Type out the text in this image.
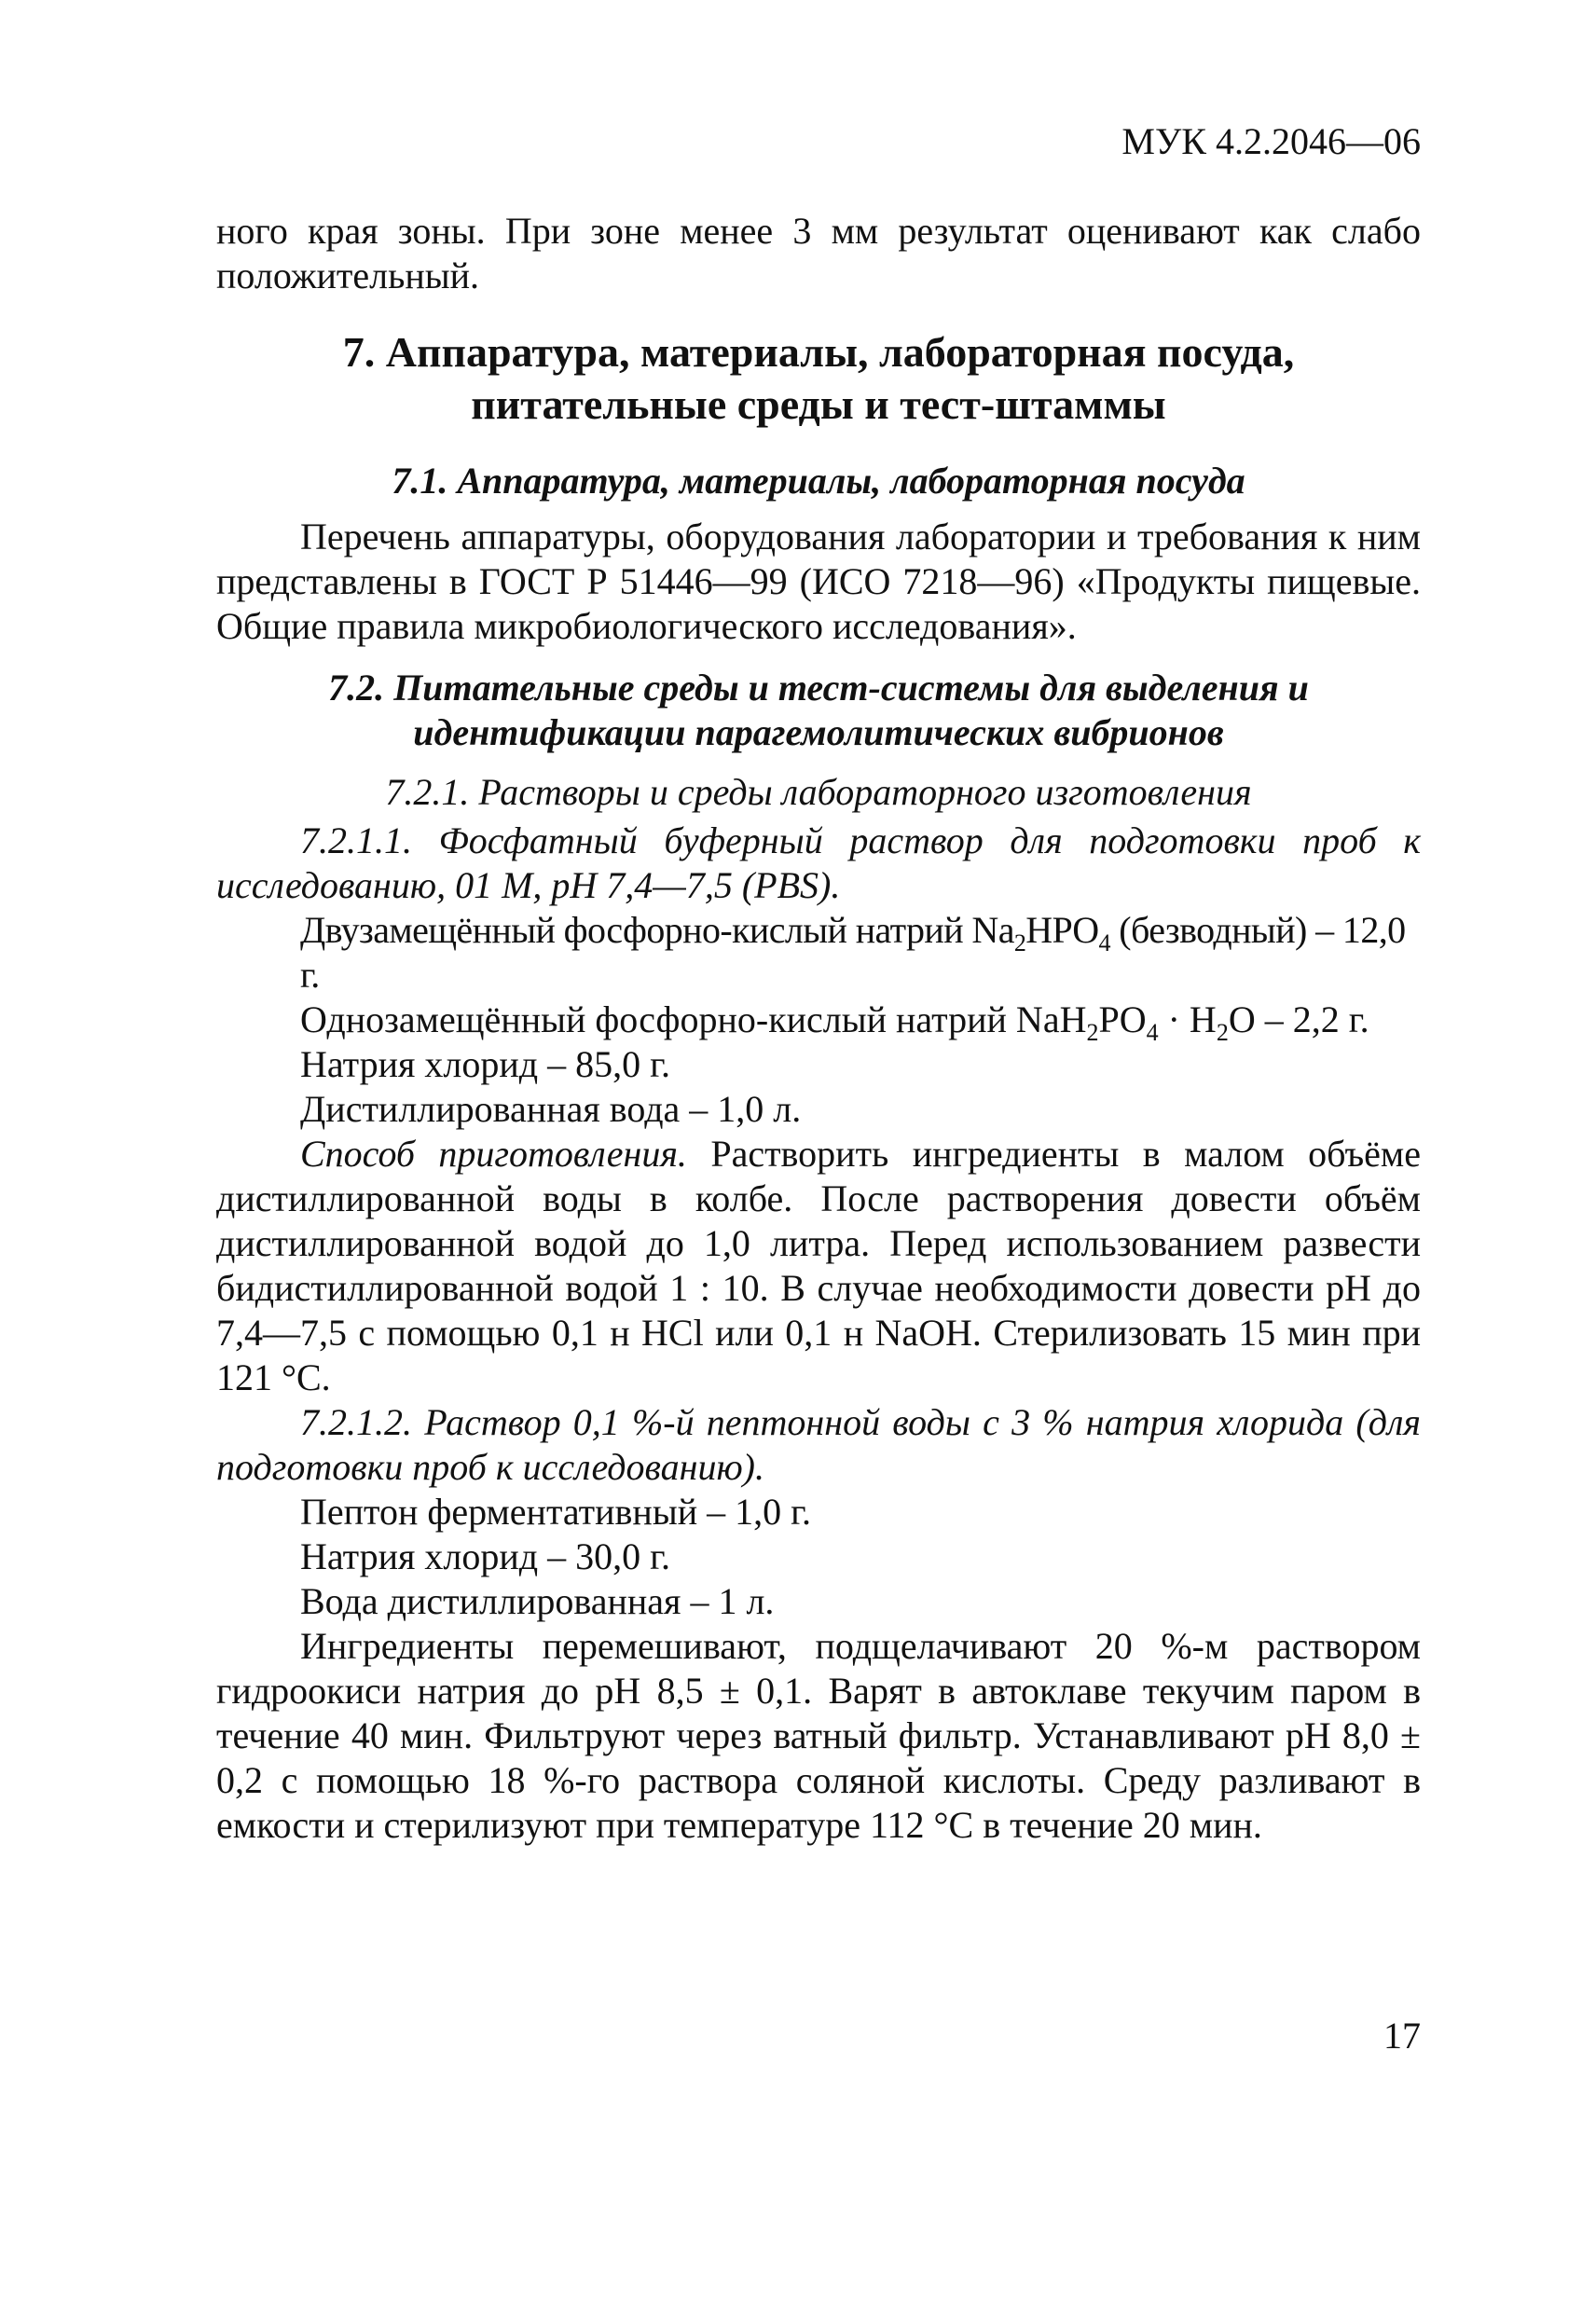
МУК 4.2.2046—06

ного края зоны. При зоне менее 3 мм результат оценивают как слабо положительный.

7. Аппаратура, материалы, лабораторная посуда,
питательные среды и тест-штаммы
7.1. Аппаратура, материалы, лабораторная посуда

Перечень аппаратуры, оборудования лаборатории и требования к ним представлены в ГОСТ Р 51446—99 (ИСО 7218—96) «Продукты пищевые. Общие правила микробиологического исследования».

7.2. Питательные среды и тест-системы для выделения и
идентификации парагемолитических вибрионов
7.2.1. Растворы и среды лабораторного изготовления

7.2.1.1. Фосфатный буферный раствор для подготовки проб к исследованию, 01 М, рН 7,4—7,5 (PBS).

Двузамещённый фосфорно-кислый натрий $Na_2HPO_4$ (безводный) – 12,0 г.

Однозамещённый фосфорно-кислый натрий $NaH_2PO_4 \cdot H_2O - 2,2$ г.

Натрия хлорид – 85,0 г.

Дистиллированная вода – 1,0 л.

Способ приготовления. Растворить ингредиенты в малом объёме дистиллированной воды в колбе. После растворения довести объём дистиллированной водой до 1,0 литра. Перед использованием развести бидистиллированной водой 1 : 10. В случае необходимости довести рН до 7,4—7,5 с помощью 0,1 н HCl или 0,1 н NaOH. Стерилизовать 15 мин при 121 °С.

7.2.1.2. Раствор 0,1 %-й пептонной воды с 3 % натрия хлорида (для подготовки проб к исследованию).

Пептон ферментативный – 1,0 г.

Натрия хлорид – 30,0 г.

Вода дистиллированная – 1 л.

Ингредиенты перемешивают, подщелачивают 20 %-м раствором гидроокиси натрия до рН 8,5 ± 0,1. Варят в автоклаве текучим паром в течение 40 мин. Фильтруют через ватный фильтр. Устанавливают рН 8,0 ± 0,2 с помощью 18 %-го раствора соляной кислоты. Среду разливают в емкости и стерилизуют при температуре 112 °С в течение 20 мин.

17
